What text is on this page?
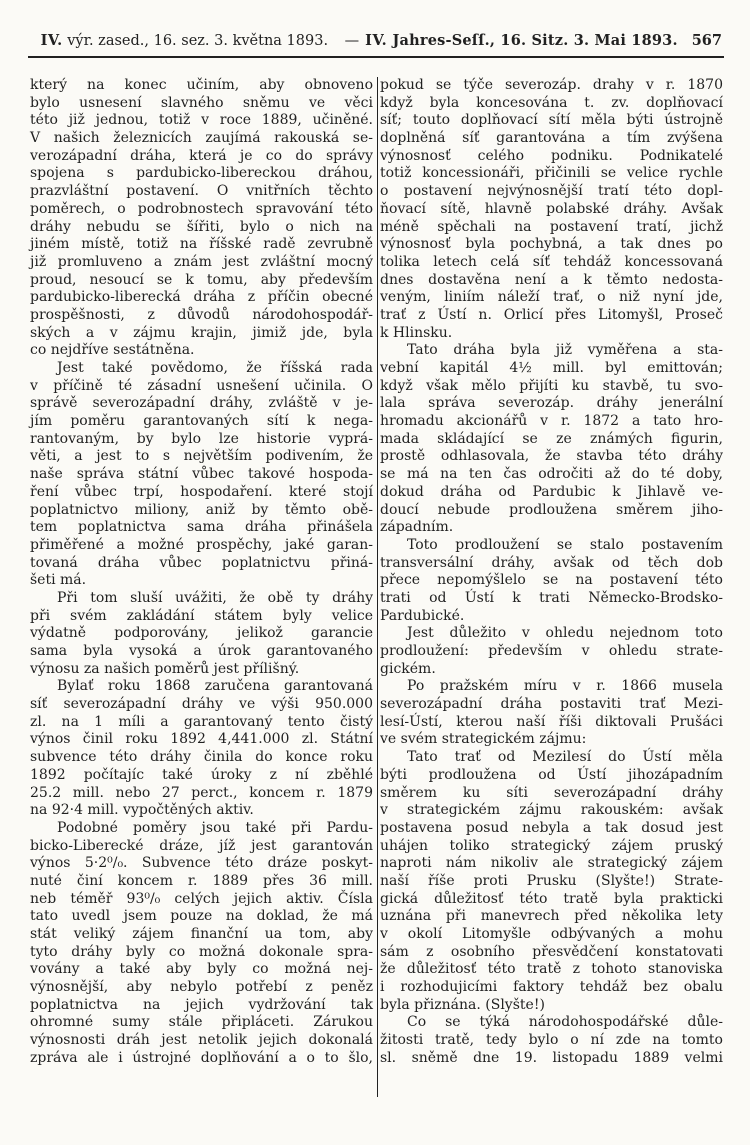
IV. výr. zased., 16. sez. 3. května 1893.	— IV. Jahres-Seſſ., 16. Sitz. 3. Mai 1893. 567
který na konec učiním, aby obnoveno
bylo usnesení slavného sněmu ve věci
této již jednou, totiž v roce 1889, učiněné.
V našich železnicích zaujímá rakouská se-
verozápadní dráha, která je co do správy
spojena s pardubicko-libereckou dráhou,
prazvláštní postavení. O vnitřních těchto
poměrech, o podrobnostech spravování této
dráhy nebudu se šířiti, bylo o nich na
jiném místě, totiž na říšské radě zevrubně
již promluveno a znám jest zvláštní mocný
proud, nesoucí se k tomu, aby především
pardubicko-liberecká dráha z příčin obecné
prospěšnosti, z důvodů národohospodář-
ských a v zájmu krajin, jimiž jde, byla
co nejdříve sestátněna.
Jest také povědomo, že říšská rada
v příčině té zásadní usnešení učinila. O
správě severozápadní dráhy, zvláště v je-
jím poměru garantovaných sítí k nega-
rantovaným, by bylo lze historie vyprá-
věti, a jest to s největším podivením, že
naše správa státní vůbec takové hospoda-
ření vůbec trpí, hospodaření. které stojí
poplatnictvo miliony, aniž by těmto obě-
tem poplatnictva sama dráha přinášela
přiměřené a možné prospěchy, jaké garan-
tovaná dráha vůbec poplatnictvu přiná-
šeti má.
Při tom sluší uvážiti, že obě ty dráhy
při svém zakládání státem byly velice
výdatně podporovány, jelikož garancie
sama byla vysoká a úrok garantovaného
výnosu za našich poměrů jest přílišný.
Bylať roku 1868 zaručena garantovaná
síť severozápadní dráhy ve výši 950.000
zl. na 1 míli a garantovaný tento čistý
výnos činil roku 1892 4,441.000 zl. Státní
subvence této dráhy činila do konce roku
1892 počítajíc také úroky z ní zběhlé
25.2 mill. nebo 27 perct., koncem r. 1879
na 92·4 mill. vypočtěných aktiv.
Podobné poměry jsou také při Pardu-
bicko-Liberecké dráze, jíž jest garantován
výnos 5·2⁰/₀. Subvence této dráze poskyt-
nuté činí koncem r. 1889 přes 36 mill.
neb téměř 93⁰/₀ celých jejich aktiv. Čísla
tato uvedl jsem pouze na doklad, že má
stát veliký zájem finanční ua tom, aby
tyto dráhy byly co možná dokonale spra-
vovány a také aby byly co možná nej-
výnosnější, aby nebylo potřebí z peněz
poplatnictva na jejich vydržování tak
ohromné sumy stále připláceti. Zárukou
výnosnosti dráh jest netolik jejich dokonalá
zpráva ale i ústrojné doplňování a o to šlo,
pokud se týče severozáp. drahy v r. 1870
když byla koncesována t. zv. doplňovací
síť; touto doplňovací sítí měla býti ústrojně
doplněná síť garantována a tím zvýšena
výnosnosť celého podniku. Podnikatelé
totiž koncessionáři, přičinili se velice rychle
o postavení nejvýnosnější tratí této dopl-
ňovací sítě, hlavně polabské dráhy. Avšak
méně spěchali na postavení tratí, jichž
výnosnosť byla pochybná, a tak dnes po
tolika letech celá síť tehdáž koncessovaná
dnes dostavěna není a k těmto nedosta-
veným, liniím náleží trať, o niž nyní jde,
trať z Ústí n. Orlicí přes Litomyšl, Proseč
k Hlinsku.
Tato dráha byla již vyměřena a sta-
vební kapitál 4½ mill. byl emittován;
když však mělo přijíti ku stavbě, tu svo-
lala správa severozáp. dráhy jenerální
hromadu akcionářů v r. 1872 a tato hro-
mada skládající se ze známých figurin,
prostě odhlasovala, že stavba této dráhy
se má na ten čas odročiti až do té doby,
dokud dráha od Pardubic k Jihlavě ve-
doucí nebude prodloužena směrem jiho-
západním.
Toto prodloužení se stalo postavením
transversální dráhy, avšak od těch dob
přece nepomýšlelo se na postavení této
trati od Ústí k trati Německo-Brodsko-
Pardubické.
Jest důležito v ohledu nejednom toto
prodloužení: především v ohledu strate-
gickém.
Po pražském míru v r. 1866 musela
severozápadní dráha postaviti trať Mezi-
lesí-Ústí, kterou naší říši diktovali Prušáci
ve svém strategickém zájmu:
Tato trať od Mezilesí do Ústí měla
býti prodloužena od Ústí jihozápadním
směrem ku síti severozápadní dráhy
v strategickém zájmu rakouském: avšak
postavena posud nebyla a tak dosud jest
uhájen toliko strategický zájem pruský
naproti nám nikoliv ale strategický zájem
naší říše proti Prusku (Slyšte!) Strate-
gická důležitosť této tratě byla prakticki
uznána při manevrech před několika lety
v okolí Litomyšle odbývaných a mohu
sám z osobního přesvědčení konstatovati
že důležitosť této tratě z tohoto stanoviska
i rozhodujicími faktory tehdáž bez obalu
byla přiznána. (Slyšte!)
Co se týká národohospodářské důle-
žitosti tratě, tedy bylo o ní zde na tomto
sl. sněmě dne 19. listopadu 1889 velmi
